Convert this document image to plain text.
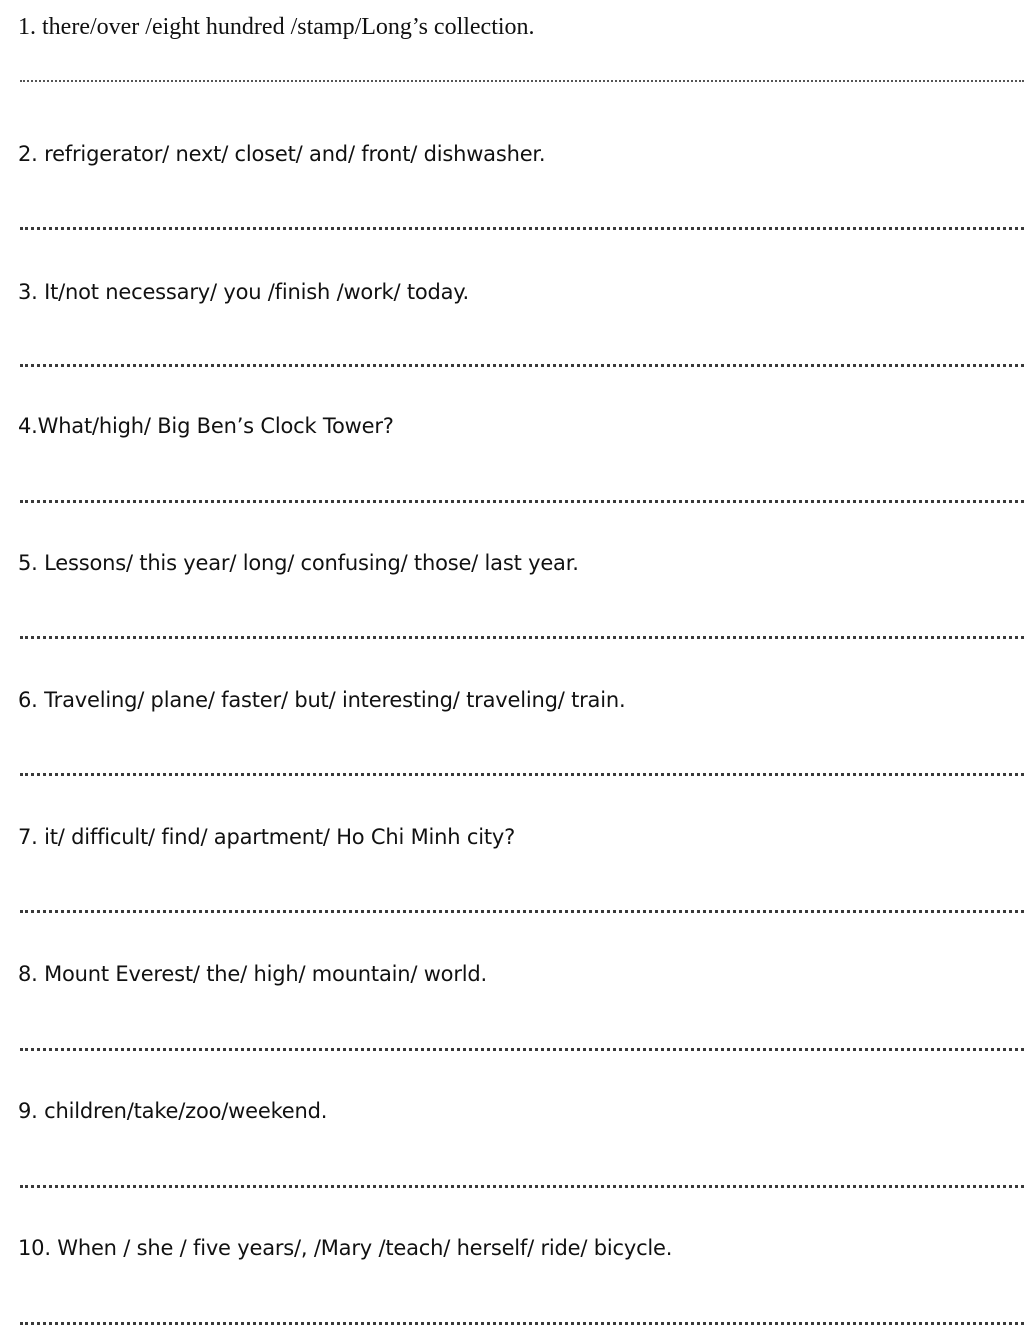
1. there/over /eight hundred /stamp/Long’s collection.
2. refrigerator/ next/ closet/ and/ front/ dishwasher.
3. It/not necessary/ you /finish /work/ today.
4.What/high/ Big Ben’s Clock Tower?
5. Lessons/ this year/ long/ confusing/ those/ last year.
6. Traveling/ plane/ faster/ but/ interesting/ traveling/ train.
7. it/ difficult/ find/ apartment/ Ho Chi Minh city?
8. Mount Everest/ the/ high/ mountain/ world.
9. children/take/zoo/weekend.
10. When / she / five years/, /Mary /teach/ herself/ ride/ bicycle.
